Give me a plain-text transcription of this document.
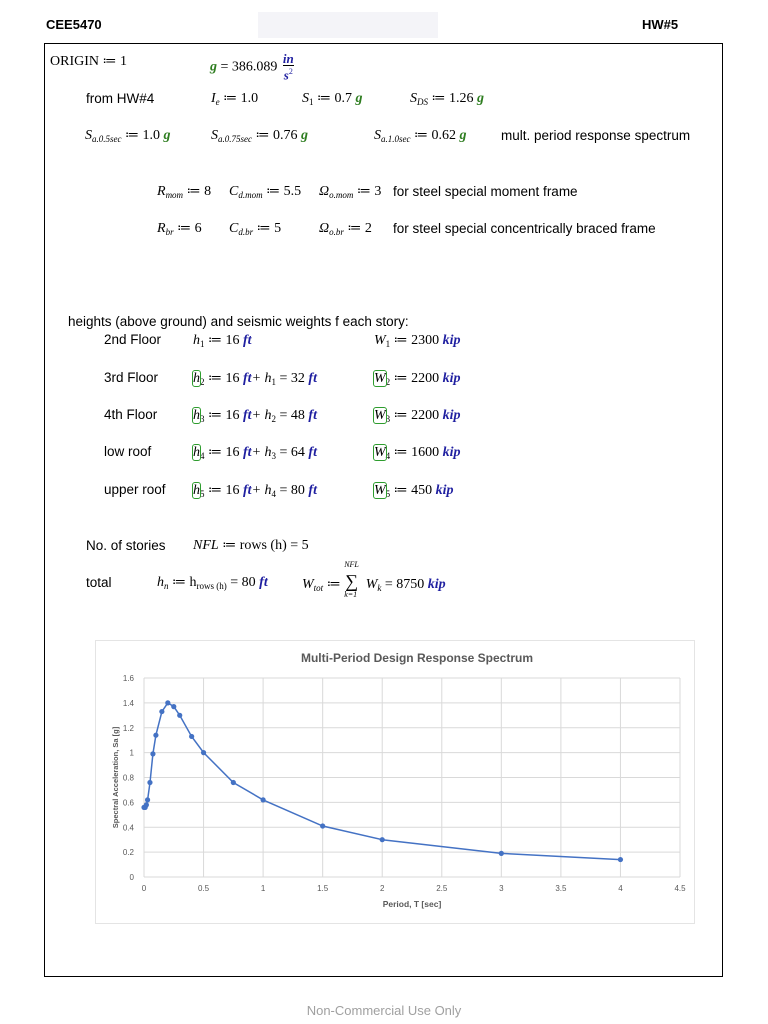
CEE5470	HW#5
ORIGIN ≔ 1	$g = 386.089 \frac{in}{s^2}$
from HW#4	$I_e$ ≔ 1.0	$S_1$ ≔ 0.7 g	$S_{DS}$ ≔ 1.26 g
$S_{a.0.5sec}$ ≔ 1.0 g	$S_{a.0.75sec}$ ≔ 0.76 g	$S_{a.1.0sec}$ ≔ 0.62 g	mult. period response spectrum
$R_{mom}$ ≔ 8 $C_{d.mom}$ ≔ 5.5 $\Omega_{o.mom}$ ≔ 3 for steel special moment frame
$R_{br}$ ≔ 6 $C_{d.br}$ ≔ 5	$\Omega_{o.br}$ ≔ 2 for steel special concentrically braced frame
heights (above ground) and seismic weights f each story:
2nd Floor $h_1$ ≔ 16 ft	$W_1$ ≔ 2300 kip
3rd Floor $h_2$ ≔ 16 $ft+ h_1 = 32$ ft	$W_2$ ≔ 2200 kip
4th Floor	$h_3$ ≔ 16 $ft+ h_2 = 48$ ft	$W_3$ ≔ 2200 kip
low roof	$h_4$ ≔ 16 $ft+ h_3 = 64$ ft	$W_4$ ≔ 1600 kip
upper roof $h_5$ ≔ 16 $ft+ h_4 = 80$ ft	$W_5$ ≔ 450 kip
No. of stories NFL ≔ rows (h) = 5
total	$h_n$ ≔ $h_{rows (h)} = 80$ ft $W_{tot}$ ≔
NFL
∑
k=1
$W_k = 8750$ kip
0	0.5	1	1.5	2	2.5	3	3.5	4	4.5
0
0.2
0.4
0.6
0.8
1
1.2
1.4
1.6
Multi-Period Design Response Spectrum
Period, T [sec]
Spectral Acceleration, Sa [g]
Non-Commercial Use Only
